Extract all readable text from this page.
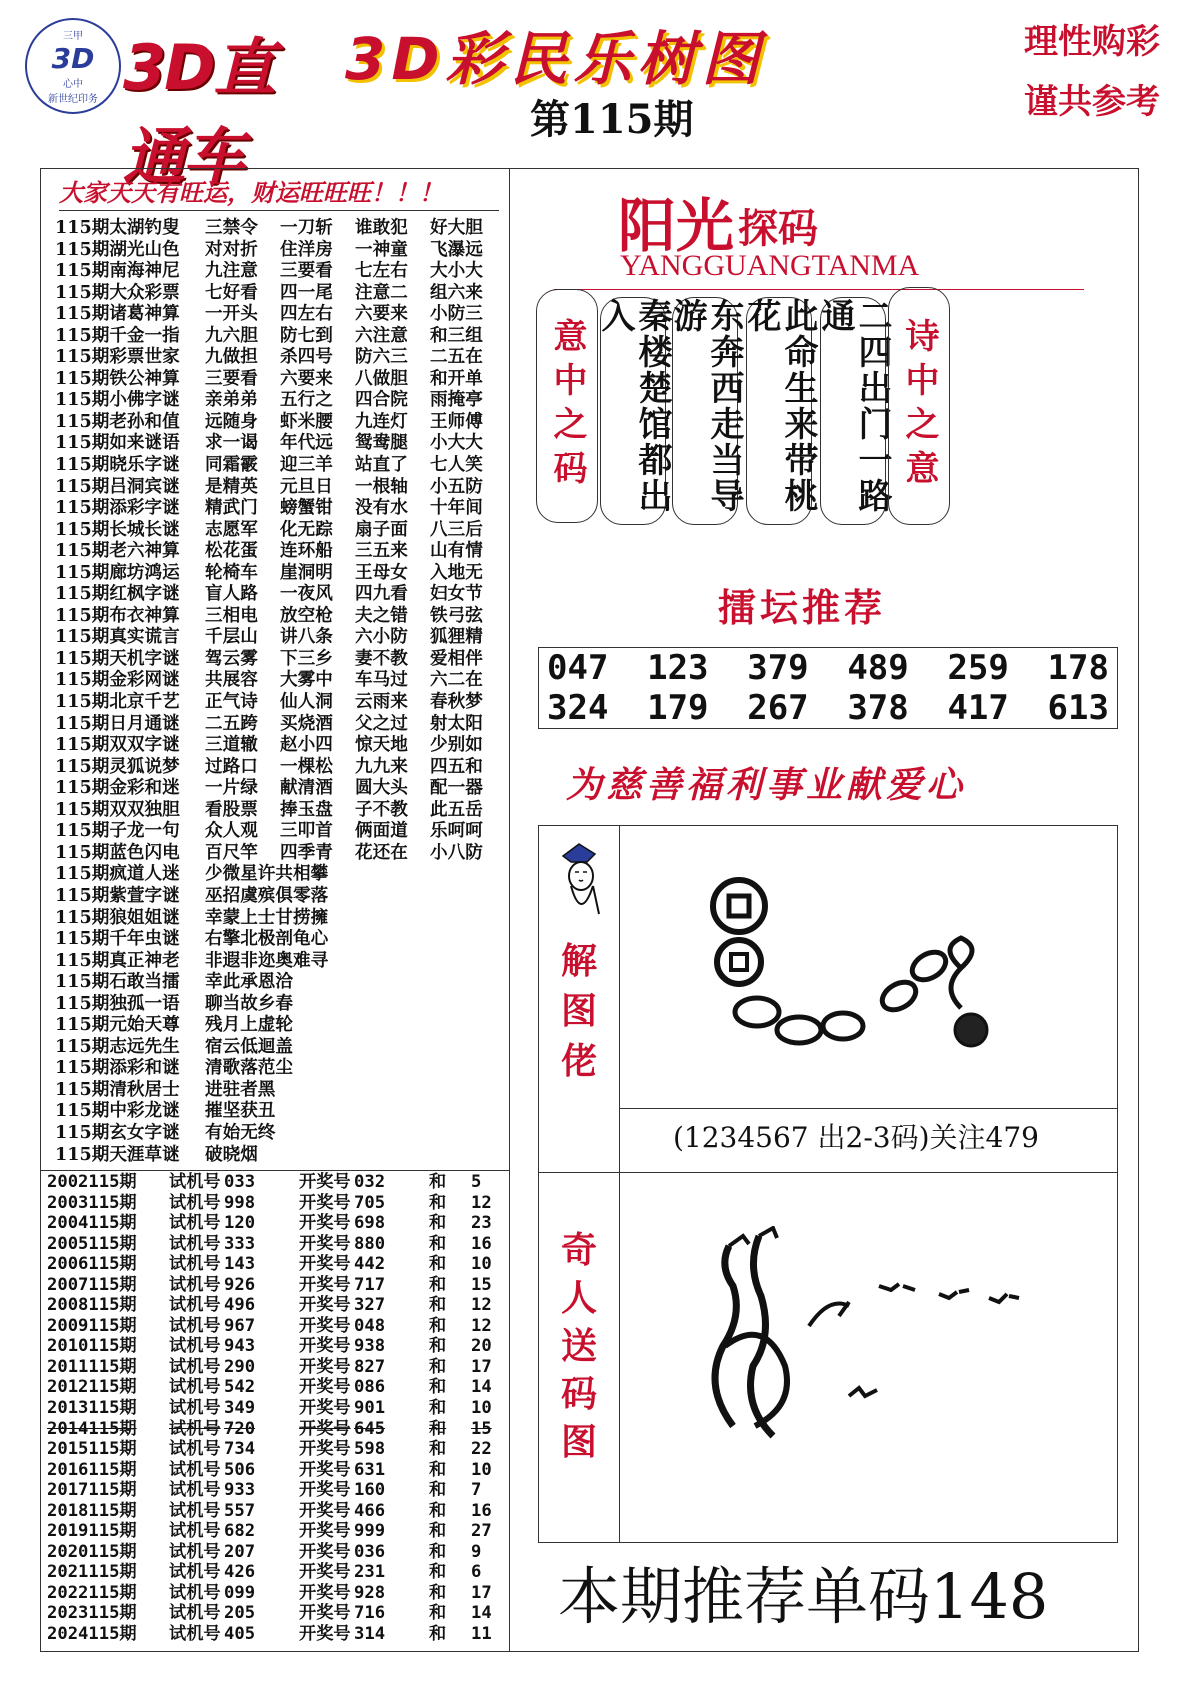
三甲
3D
心中
新世纪印务 3D直通车
3D彩民乐树图
第115期
理性购彩
谨共参考
大家天天有旺运，财运旺旺旺！！！
115期太湖钓叟	三禁令	一刀斩	谁敢犯	好大胆
115期湖光山色	对对折	住洋房	一神童	飞瀑远
115期南海神尼	九注意	三要看	七左右	大小大
115期大众彩票	七好看	四一尾	注意二	组六来
115期诸葛神算	一开头	四左右	六要来	小防三
115期千金一指	九六胆	防七到	六注意	和三组
115期彩票世家	九做担	杀四号	防六三	二五在
115期铁公神算	三要看	六要来	八做胆	和开单
115期小佛字谜	亲弟弟	五行之	四合院	雨掩亭
115期老孙和值	远随身	虾米腰	九连灯	王师傅
115期如来谜语	求一谒	年代远	鸳鸯腿	小大大
115期晓乐字谜	同霜霰	迎三羊	站直了	七人笑
115期吕洞宾谜	是精英	元旦日	一根轴	小五防
115期添彩字谜	精武门	螃蟹钳	没有水	十年间
115期长城长谜	志愿军	化无踪	扇子面	八三后
115期老六神算	松花蛋	连环船	三五来	山有情
115期廊坊鸿运	轮椅车	崖洞明	王母女	入地无
115期红枫字谜	盲人路	一夜风	四九看	妇女节
115期布衣神算	三相电	放空枪	夫之错	铁弓弦
115期真实谎言	千层山	讲八条	六小防	狐狸精
115期天机字谜	驾云雾	下三乡	妻不教	爱相伴
115期金彩网谜	共展容	大雾中	车马过	六二在
115期北京千艺	正气诗	仙人洞	云雨来	春秋梦
115期日月通谜	二五跨	买烧酒	父之过	射太阳
115期双双字谜	三道辙	赵小四	惊天地	少别如
115期灵狐说梦	过路口	一棵松	九九来	四五和
115期金彩和迷	一片绿	献清酒	圆大头	配一器
115期双双独胆	看股票	捧玉盘	子不教	此五岳
115期子龙一句	众人观	三叩首	俩面道	乐呵呵
115期蓝色闪电	百尺竿	四季青	花还在	小八防
115期疯道人迷	少微星许共相攀
115期紫萱字谜	巫招虞殡俱零落
115期狼姐姐谜	幸蒙上士甘捞擁
115期千年虫谜	右擎北极剖龟心
115期真正神老	非遐非迩奥难寻
115期石敢当擂	幸此承恩洽
115期独孤一语	聊当故乡春
115期元始天尊	残月上虚轮
115期志远先生	宿云低迴盖
115期添彩和谜	清歌落范尘
115期清秋居士	进驻者黑
115期中彩龙谜	摧坚获丑
115期玄女字谜	有始无终
115期天涯草谜	破晓烟
2002115期	试机号 033	开奖号 032	和	5
2003115期	试机号 998	开奖号 705	和	12
2004115期	试机号 120	开奖号 698	和	23
2005115期	试机号 333	开奖号 880	和	16
2006115期	试机号 143	开奖号 442	和	10
2007115期	试机号 926	开奖号 717	和	15
2008115期	试机号 496	开奖号 327	和	12
2009115期	试机号 967	开奖号 048	和	12
2010115期	试机号 943	开奖号 938	和	20
2011115期	试机号 290	开奖号 827	和	17
2012115期	试机号 542	开奖号 086	和	14
2013115期	试机号 349	开奖号 901	和	10
2014115期	试机号 720	开奖号 645	和	15
2015115期	试机号 734	开奖号 598	和	22
2016115期	试机号 506	开奖号 631	和	10
2017115期	试机号 933	开奖号 160	和	7
2018115期	试机号 557	开奖号 466	和	16
2019115期	试机号 682	开奖号 999	和	27
2020115期	试机号 207	开奖号 036	和	9
2021115期	试机号 426	开奖号 231	和	6
2022115期	试机号 099	开奖号 928	和	17
2023115期	试机号 205	开奖号 716	和	14
2024115期	试机号 405	开奖号 314	和	11
阳光 探码
YANGGUANGTANMA
意中之码	秦楼楚馆都出入	东奔西走当导游	此命生来带桃花	二四出门一路通
诗中之意
擂坛推荐
047 123 379 489 259 178
324 179 267 378 417 613
为慈善福利事业献爱心
解
图
佬
(1234567 出2-3码)关注479
奇
人
送
码
图
本期推荐单码148
